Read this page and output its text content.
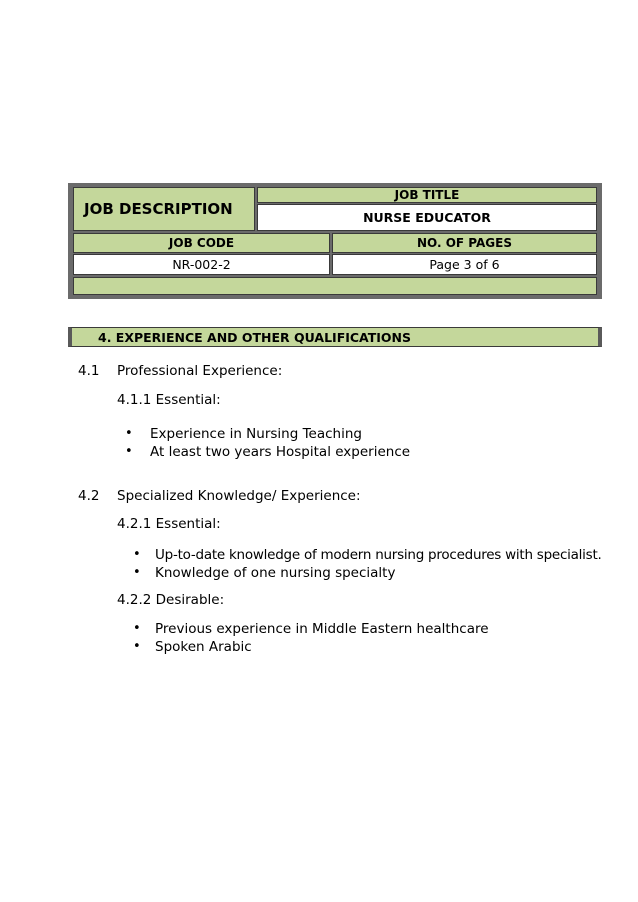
JOB DESCRIPTION
JOB TITLE
NURSE EDUCATOR
JOB CODE	NO. OF PAGES
NR-002-2	Page 3 of 6
4. EXPERIENCE AND OTHER QUALIFICATIONS
4.1 Professional Experience:
4.1.1 Essential:
• Experience in Nursing Teaching
• At least two years Hospital experience
4.2 Specialized Knowledge/ Experience:
4.2.1 Essential:
• Up-to-date knowledge of modern nursing procedures with specialist.
• Knowledge of one nursing specialty
4.2.2 Desirable:
• Previous experience in Middle Eastern healthcare
• Spoken Arabic
